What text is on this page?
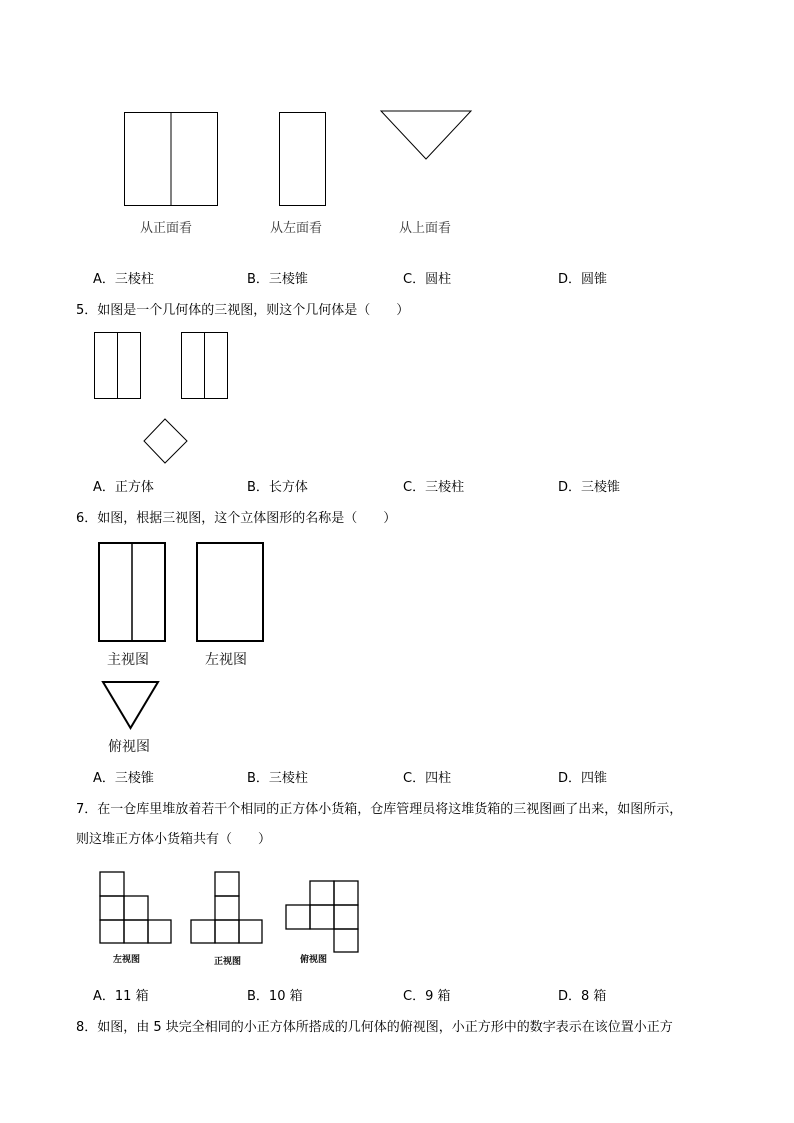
从正面看	从左面看	从上面看
A．三棱柱	B．三棱锥	C．圆柱	D．圆锥
5．如图是一个几何体的三视图，则这个几何体是（　　）
A．正方体	B．长方体	C．三棱柱	D．三棱锥
6．如图，根据三视图，这个立体图形的名称是（　　）
主视图	左视图
俯视图
A．三棱锥	B．三棱柱	C．四柱	D．四锥
7．在一仓库里堆放着若干个相同的正方体小货箱，仓库管理员将这堆货箱的三视图画了出来，如图所示，
则这堆正方体小货箱共有（　　）
左视图	正视图	俯视图
A．11 箱	B．10 箱	C．9 箱	D．8 箱
8．如图，由 5 块完全相同的小正方体所搭成的几何体的俯视图，小正方形中的数字表示在该位置小正方
